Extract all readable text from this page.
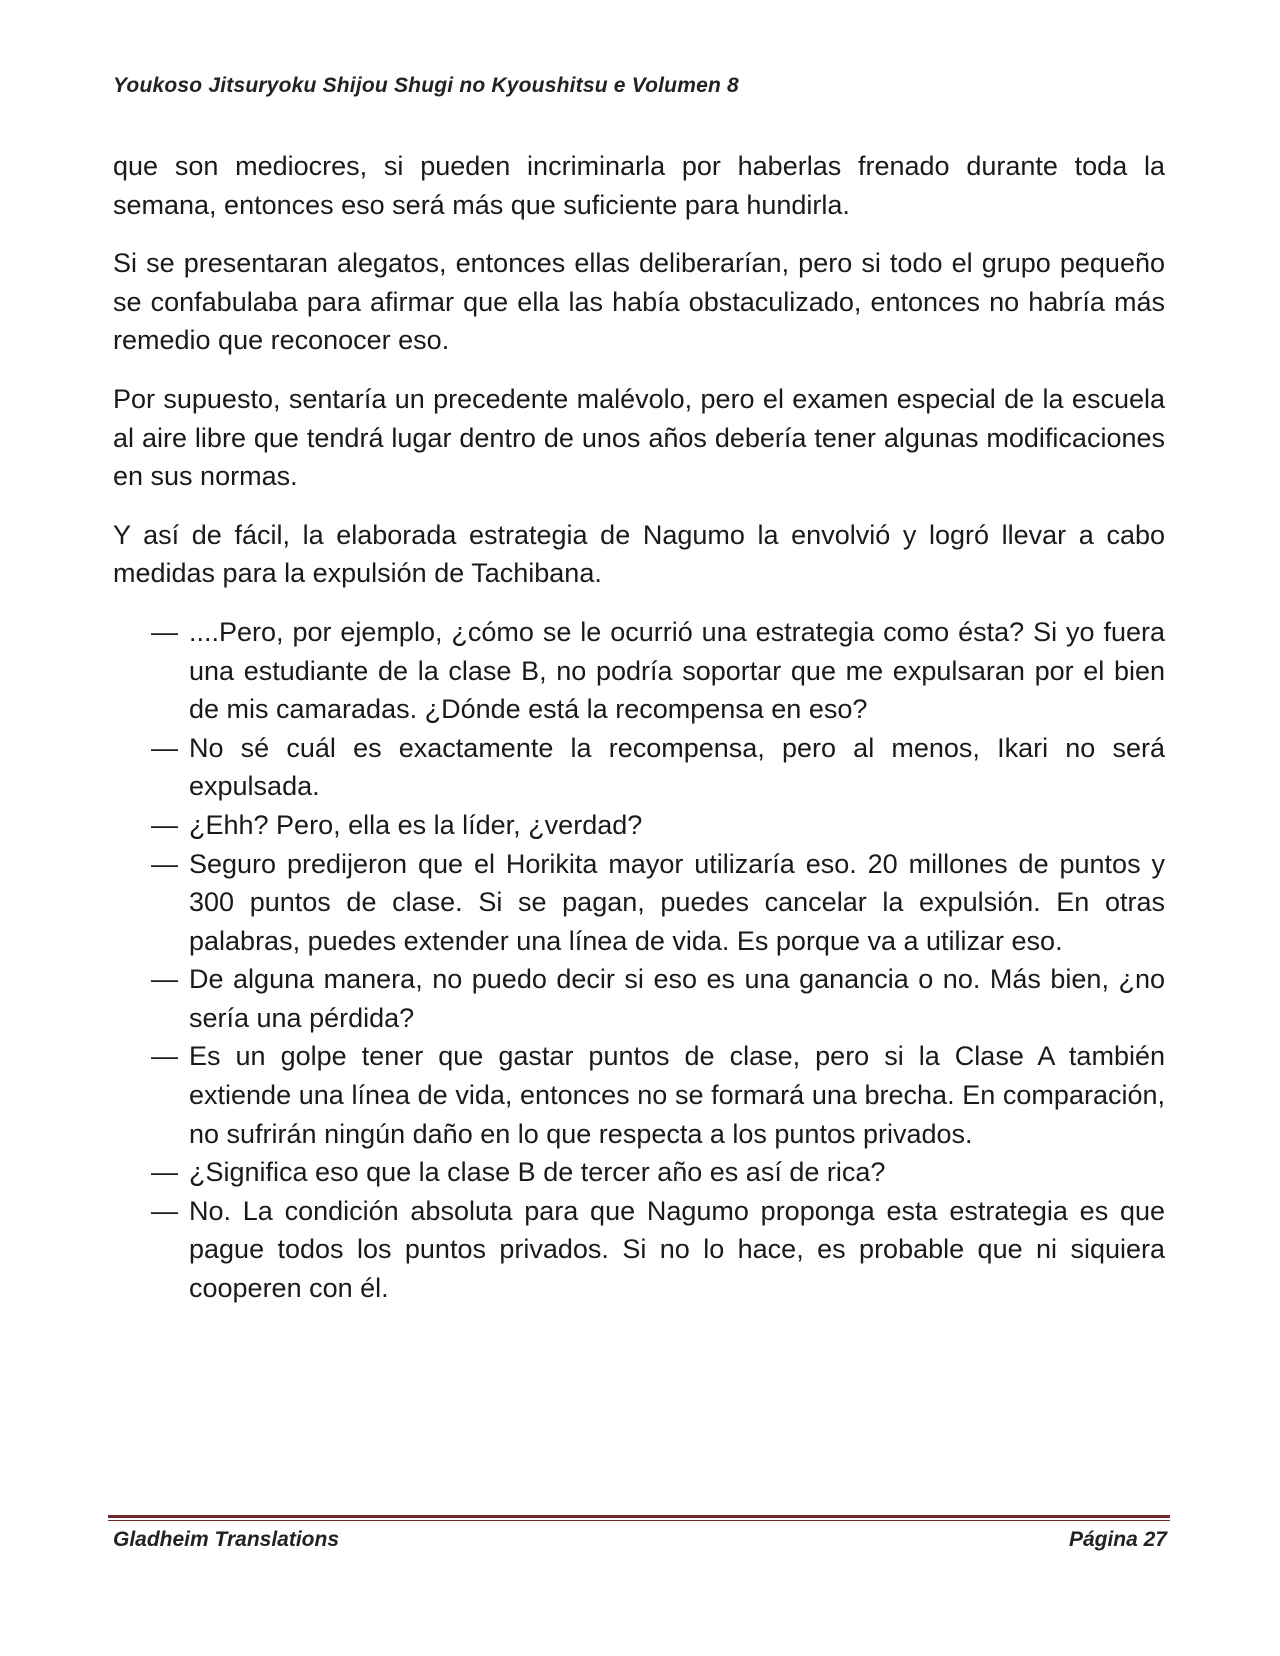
Youkoso Jitsuryoku Shijou Shugi no Kyoushitsu e Volumen 8

que son mediocres, si pueden incriminarla por haberlas frenado durante toda la semana, entonces eso será más que suficiente para hundirla.

Si se presentaran alegatos, entonces ellas deliberarían, pero si todo el grupo pequeño se confabulaba para afirmar que ella las había obstaculizado, entonces no habría más remedio que reconocer eso.

Por supuesto, sentaría un precedente malévolo, pero el examen especial de la escuela al aire libre que tendrá lugar dentro de unos años debería tener algunas modificaciones en sus normas.

Y así de fácil, la elaborada estrategia de Nagumo la envolvió y logró llevar a cabo medidas para la expulsión de Tachibana.

— ....Pero, por ejemplo, ¿cómo se le ocurrió una estrategia como ésta? Si yo fuera una estudiante de la clase B, no podría soportar que me expulsaran por el bien de mis camaradas. ¿Dónde está la recompensa en eso?
— No sé cuál es exactamente la recompensa, pero al menos, Ikari no será expulsada.
— ¿Ehh? Pero, ella es la líder, ¿verdad?
— Seguro predijeron que el Horikita mayor utilizaría eso. 20 millones de puntos y 300 puntos de clase. Si se pagan, puedes cancelar la expulsión. En otras palabras, puedes extender una línea de vida. Es porque va a utilizar eso.
— De alguna manera, no puedo decir si eso es una ganancia o no. Más bien, ¿no sería una pérdida?
— Es un golpe tener que gastar puntos de clase, pero si la Clase A también extiende una línea de vida, entonces no se formará una brecha. En comparación, no sufrirán ningún daño en lo que respecta a los puntos privados.
— ¿Significa eso que la clase B de tercer año es así de rica?
— No. La condición absoluta para que Nagumo proponga esta estrategia es que pague todos los puntos privados. Si no lo hace, es probable que ni siquiera cooperen con él.
Gladheim Translations	Página 27
